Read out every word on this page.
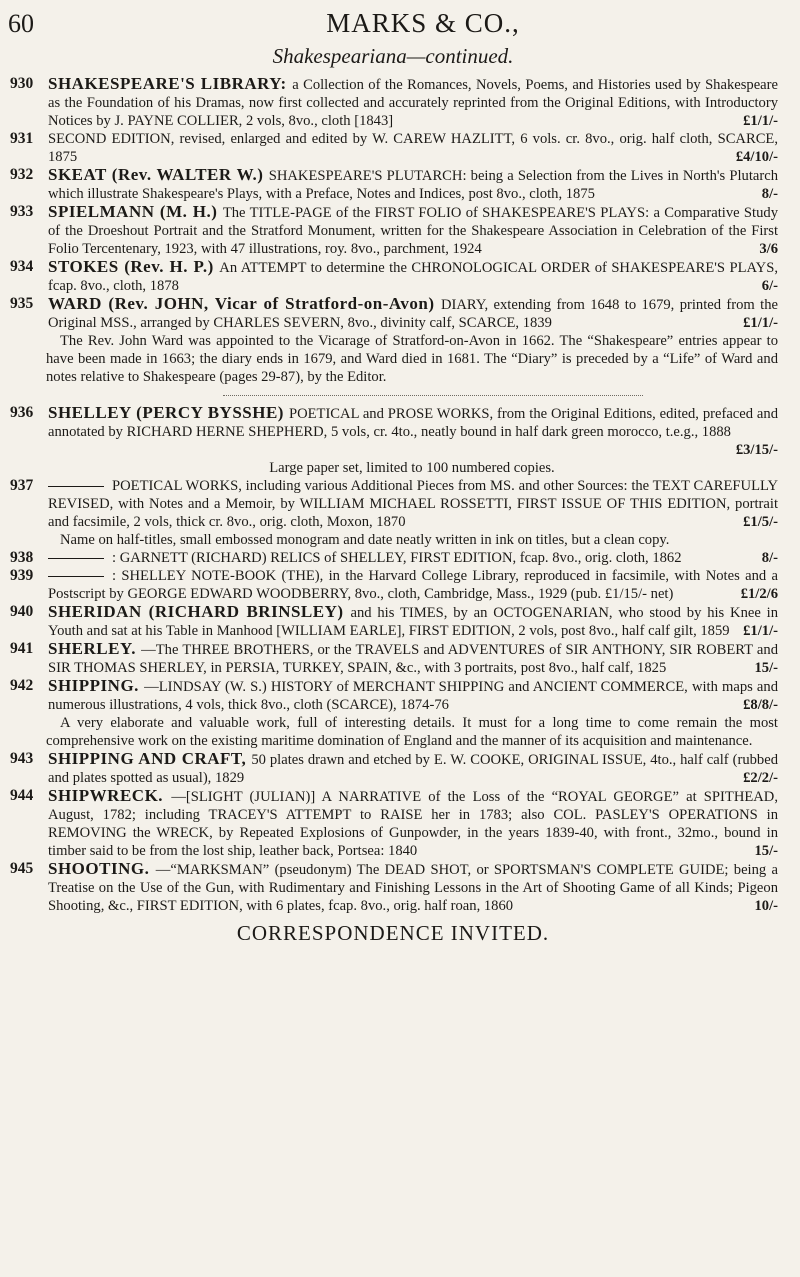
60	MARKS & CO.,
Shakespeariana—continued.
930 SHAKESPEARE'S LIBRARY: a Collection of the Romances, Novels, Poems, and Histories used by Shakespeare as the Foundation of his Dramas, now first collected and accurately reprinted from the Original Editions, with Introductory Notices by J. PAYNE COLLIER, 2 vols, 8vo., cloth [1843]	£1/1/-
931	SECOND EDITION, revised, enlarged and edited by W. CAREW HAZLITT, 6 vols. cr. 8vo., orig. half cloth, SCARCE, 1875	£4/10/-
932 SKEAT (Rev. WALTER W.) SHAKESPEARE'S PLUTARCH: being a Selection from the Lives in North's Plutarch which illustrate Shakespeare's Plays, with a Preface, Notes and Indices, post 8vo., cloth, 1875	8/-
933 SPIELMANN (M. H.) The TITLE-PAGE of the FIRST FOLIO of SHAKESPEARE'S PLAYS: a Comparative Study of the Droeshout Portrait and the Stratford Monument, written for the Shakespeare Association in Celebration of the First Folio Tercentenary, 1923, with 47 illustrations, roy. 8vo., parchment, 1924	3/6
934 STOKES (Rev. H. P.) An ATTEMPT to determine the CHRONOLOGICAL ORDER of SHAKESPEARE'S PLAYS, fcap. 8vo., cloth, 1878	6/-
935 WARD (Rev. JOHN, Vicar of Stratford-on-Avon) DIARY, extending from 1648 to 1679, printed from the Original MSS., arranged by CHARLES SEVERN, 8vo., divinity calf, SCARCE, 1839	£1/1/-
The Rev. John Ward was appointed to the Vicarage of Stratford-on-Avon in 1662. The “Shakespeare” entries appear to have been made in 1663; the diary ends in 1679, and Ward died in 1681. The “Diary” is preceded by a “Life” of Ward and notes relative to Shakespeare (pages 29-87), by the Editor.
936 SHELLEY (PERCY BYSSHE) POETICAL and PROSE WORKS, from the Original Editions, edited, prefaced and annotated by RICHARD HERNE SHEPHERD, 5 vols, cr. 4to., neatly bound in half dark green morocco, t.e.g., 1888
£3/15/-
Large paper set, limited to 100 numbered copies.
937	POETICAL WORKS, including various Additional Pieces from MS. and other Sources: the TEXT CAREFULLY REVISED, with Notes and a Memoir, by WILLIAM MICHAEL ROSSETTI, FIRST ISSUE OF THIS EDITION, portrait and facsimile, 2 vols, thick cr. 8vo., orig. cloth, Moxon, 1870	£1/5/-
Name on half-titles, small embossed monogram and date neatly written in ink on titles, but a clean copy.
938	: GARNETT (RICHARD) RELICS of SHELLEY, FIRST EDITION, fcap. 8vo., orig. cloth, 1862	8/-
939	: SHELLEY NOTE-BOOK (THE), in the Harvard College Library, reproduced in facsimile, with Notes and a Postscript by GEORGE EDWARD WOODBERRY, 8vo., cloth, Cambridge, Mass., 1929 (pub. £1/15/- net)	£1/2/6
940 SHERIDAN (RICHARD BRINSLEY) and his TIMES, by an OCTOGENARIAN, who stood by his Knee in Youth and sat at his Table in Manhood [WILLIAM EARLE], FIRST EDITION, 2 vols, post 8vo., half calf gilt, 1859 £1/1/-
941 SHERLEY. —The THREE BROTHERS, or the TRAVELS and ADVENTURES of SIR ANTHONY, SIR ROBERT and SIR THOMAS SHERLEY, in PERSIA, TURKEY, SPAIN, &c., with 3 portraits, post 8vo., half calf, 1825	15/-
942 SHIPPING. —LINDSAY (W. S.) HISTORY of MERCHANT SHIPPING and ANCIENT COMMERCE, with maps and numerous illustrations, 4 vols, thick 8vo., cloth (SCARCE), 1874-76	£8/8/-
A very elaborate and valuable work, full of interesting details. It must for a long time to come remain the most comprehensive work on the existing maritime domination of England and the manner of its acquisition and maintenance.
943 SHIPPING AND CRAFT, 50 plates drawn and etched by E. W. COOKE, ORIGINAL ISSUE, 4to., half calf (rubbed and plates spotted as usual), 1829	£2/2/-
944 SHIPWRECK. —[SLIGHT (JULIAN)] A NARRATIVE of the Loss of the “ROYAL GEORGE” at SPITHEAD, August, 1782; including TRACEY'S ATTEMPT to RAISE her in 1783; also COL. PASLEY'S OPERATIONS in REMOVING the WRECK, by Repeated Explosions of Gunpowder, in the years 1839-40, with front., 32mo., bound in timber said to be from the lost ship, leather back, Portsea: 1840	15/-
945 SHOOTING. —“MARKSMAN” (pseudonym) The DEAD SHOT, or SPORTSMAN'S COMPLETE GUIDE; being a Treatise on the Use of the Gun, with Rudimentary and Finishing Lessons in the Art of Shooting Game of all Kinds; Pigeon Shooting, &c., FIRST EDITION, with 6 plates, fcap. 8vo., orig. half roan, 1860	10/-
CORRESPONDENCE INVITED.
